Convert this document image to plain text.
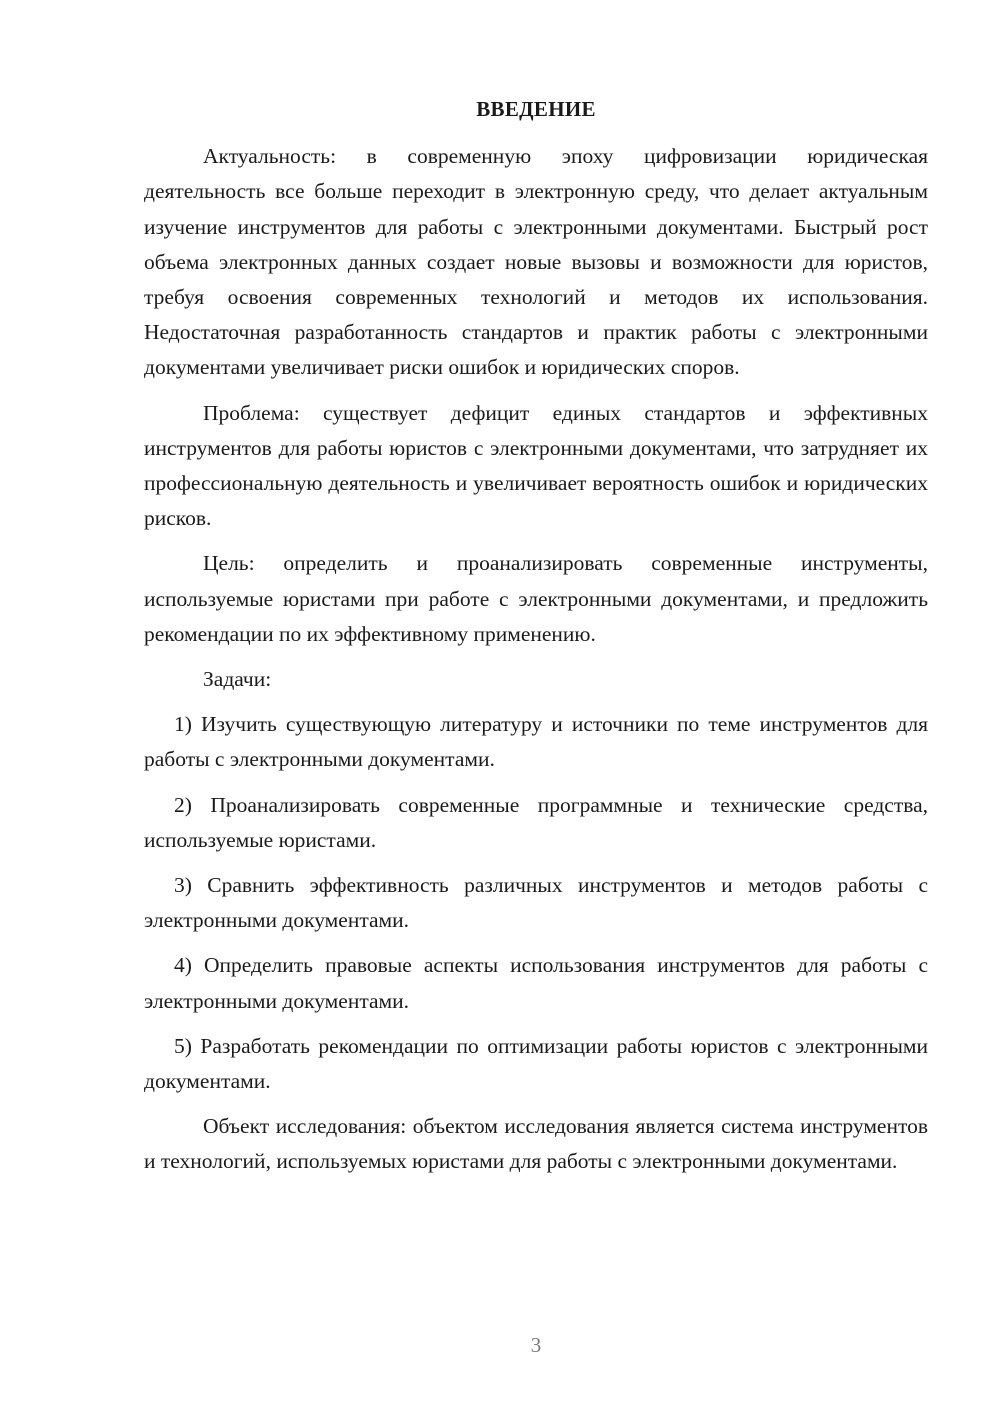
ВВЕДЕНИЕ

Актуальность: в современную эпоху цифровизации юридическая деятельность все больше переходит в электронную среду, что делает актуальным изучение инструментов для работы с электронными документами. Быстрый рост объема электронных данных создает новые вызовы и возможности для юристов, требуя освоения современных технологий и методов их использования. Недостаточная разработанность стандартов и практик работы с электронными документами увеличивает риски ошибок и юридических споров.

Проблема: существует дефицит единых стандартов и эффективных инструментов для работы юристов с электронными документами, что затрудняет их профессиональную деятельность и увеличивает вероятность ошибок и юридических рисков.

Цель: определить и проанализировать современные инструменты, используемые юристами при работе с электронными документами, и предложить рекомендации по их эффективному применению.

Задачи:

1) Изучить существующую литературу и источники по теме инструментов для работы с электронными документами.

2) Проанализировать современные программные и технические средства, используемые юристами.

3) Сравнить эффективность различных инструментов и методов работы с электронными документами.

4) Определить правовые аспекты использования инструментов для работы с электронными документами.

5) Разработать рекомендации по оптимизации работы юристов с электронными документами.

Объект исследования: объектом исследования является система инструментов и технологий, используемых юристами для работы с электронными документами.

3
